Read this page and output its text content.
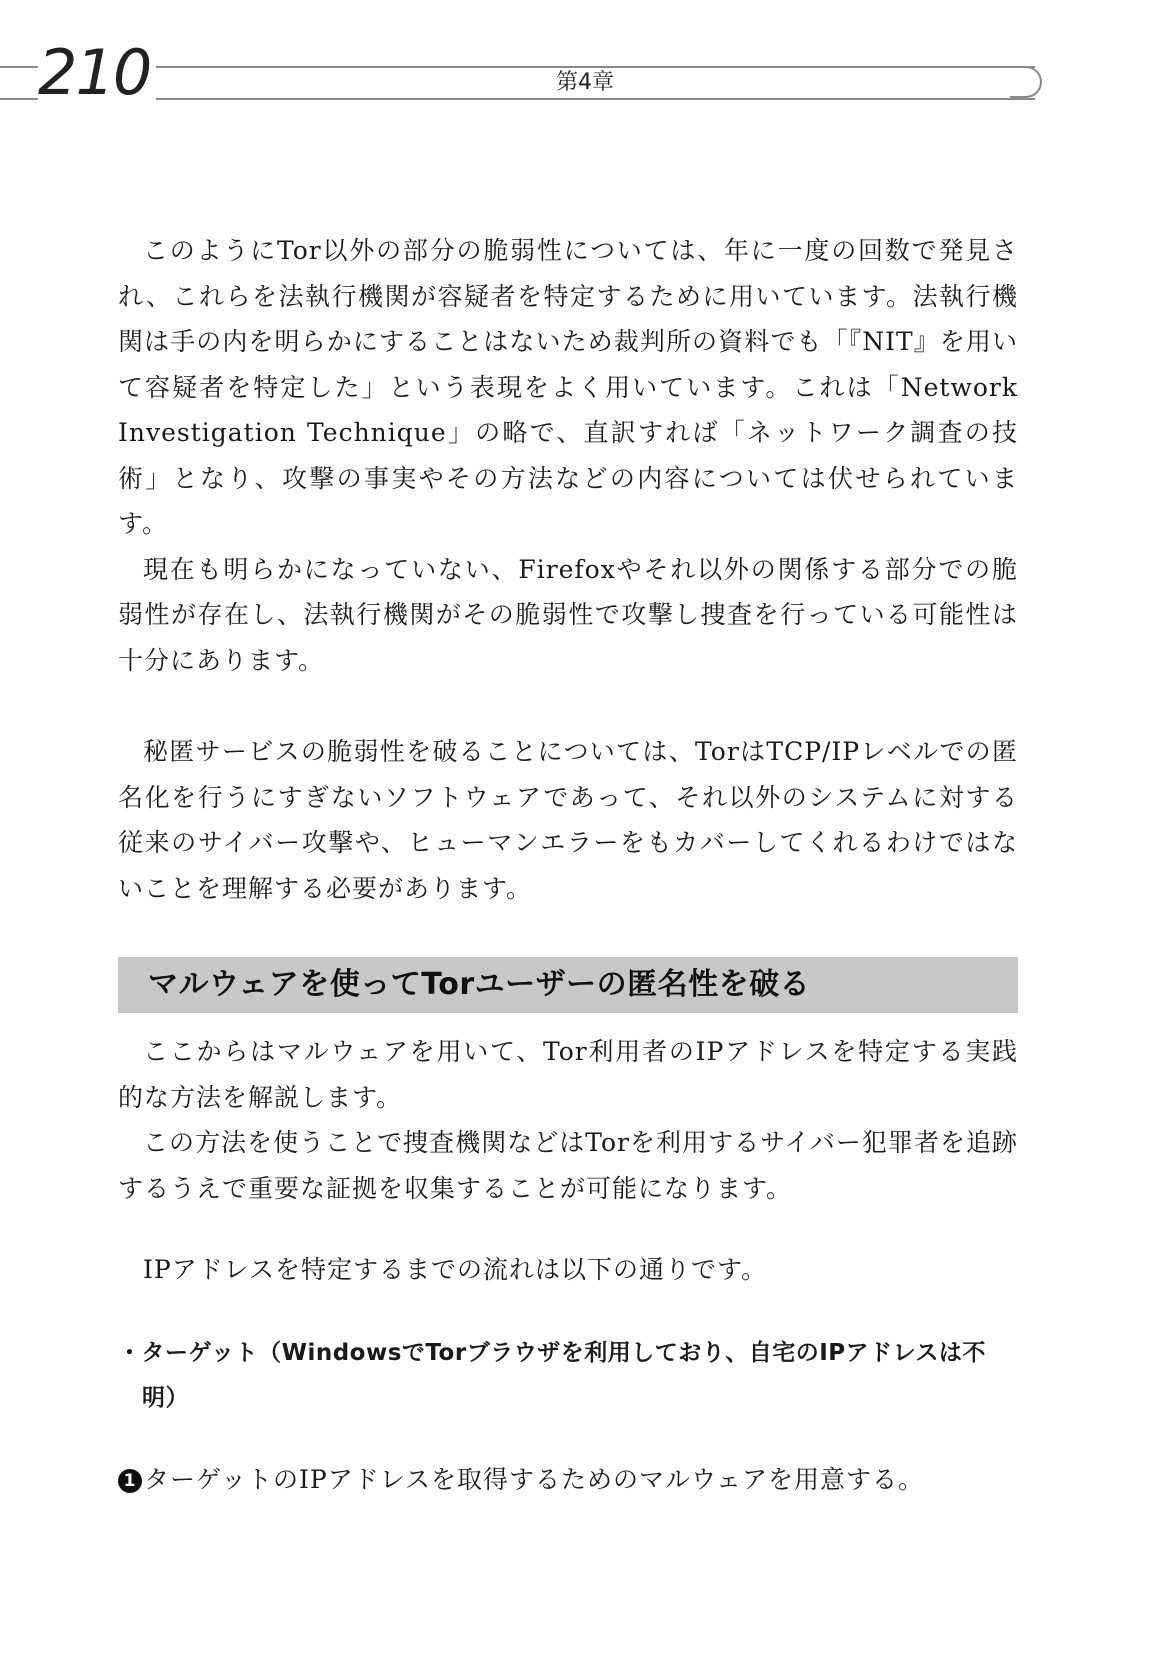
210	第4章

このようにTor以外の部分の脆弱性については、年に一度の回数で発見され、これらを法執行機関が容疑者を特定するために用いています。法執行機関は手の内を明らかにすることはないため裁判所の資料でも「『NIT』を用いて容疑者を特定した」という表現をよく用いています。これは「Network Investigation Technique」の略で、直訳すれば「ネットワーク調査の技術」となり、攻撃の事実やその方法などの内容については伏せられています。

現在も明らかになっていない、Firefoxやそれ以外の関係する部分での脆弱性が存在し、法執行機関がその脆弱性で攻撃し捜査を行っている可能性は十分にあります。

秘匿サービスの脆弱性を破ることについては、TorはTCP/IPレベルでの匿名化を行うにすぎないソフトウェアであって、それ以外のシステムに対する従来のサイバー攻撃や、ヒューマンエラーをもカバーしてくれるわけではないことを理解する必要があります。

マルウェアを使ってTorユーザーの匿名性を破る

ここからはマルウェアを用いて、Tor利用者のIPアドレスを特定する実践的な方法を解説します。

この方法を使うことで捜査機関などはTorを利用するサイバー犯罪者を追跡するうえで重要な証拠を収集することが可能になります。

IPアドレスを特定するまでの流れは以下の通りです。

・ターゲット（WindowsでTorブラウザを利用しており、自宅のIPアドレスは不明）

1 ターゲットのIPアドレスを取得するためのマルウェアを用意する。
